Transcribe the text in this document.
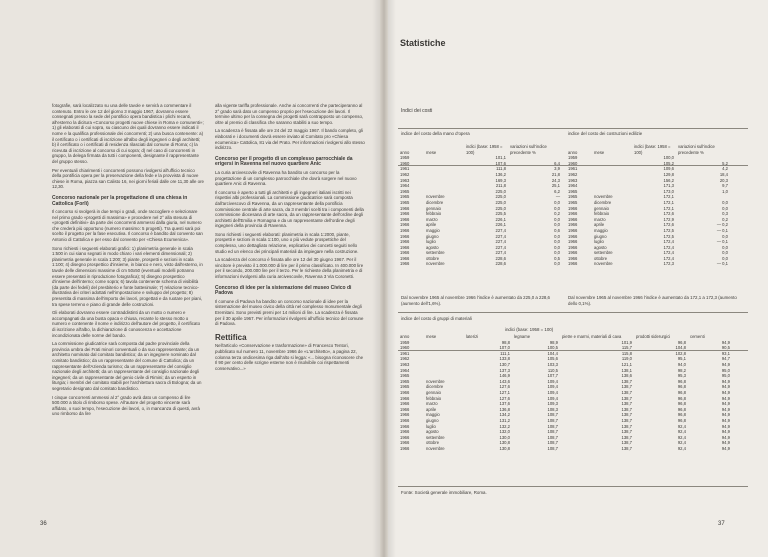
fotografie, sarà localizzato su una delle tavole e servirà a commentare il contenuto. Entro le ore 12 del giorno 3 maggio 1967, dovranno essere consegnati presso la sede del pontificio opera bandistica i plichi recanti, all'esterno la dicitura «Concorso progetti nuove chiese in Roma e comunenti»; 1) gli elaborati di cui sopra, su ciascuno dei quali dovranno essere indicati il nome e la qualifica professionale dei concorrenti; 2) una busca contenente: a) il certificato o i certificati di iscrizione all'albo degli ingegneri o degli architetti; b) il certificato o i certificati di residenza rilasciati dal comune di Roma; c) la ricevuta di iscrizione al concorso di cui sopra; d) nel caso di concorrenti in gruppo, la delega firmata da tutti i componenti, designante il rappresentante del gruppo stesso.

Per eventuali chiarimenti i concorrenti possono rivolgersi all'ufficio tecnico della pontificia opera per la preservazione della fede e la provvista di nuove chiese in Roma, piazza san Calisto 16, nei giorni feriali dalle ore 11,30 alle ore 12,30.

Concorso nazionale per la progettazione di una chiesa in Cattolica (Forlì)

Il concorso si svolgerà in due tempi o gradi, onde raccogliere e selezionare nel primo grado «progetti di massima» e procedere nel 2° alla stesura di «progetti definitivi» da parte dei concorrenti ammessi dalla giuria, nel numero che crederà più opportuno (numero massimo: 5 progetti). Tra questi sarà poi scelto il progetto per la fase esecutiva. Il concorso è bandito dal convento san Antonio di Cattolica e per esso dal convento per «Chiesa Ecumenica».

Sono richiesti i seguenti elaborati grafici: 1) planimetria generale in scala 1:500 in cui siano segnati in modo chiaro i vari elementi dimensionali; 2) planimetria generale in scala 1:200; 3) piante, prospetti e sezioni in scala 1:100; 4) disegno prospettico d'insieme, in bianco e nero, visto dall'esterno, in tavole delle dimensioni massime di cm 50x50 (eventuali modelli potranno essere presentati in riproduzione fotografica); 5) disegno prospettico d'insieme dell'interno; come sopra; 6) tavola contenente schema di visibilità (da parte dei fedeli) del presbiterio e fonte battesimale; 7) relazione tecnico-illustrativa dei criteri adottati nell'impostazione e sviluppo del progetto; 8) presentita di massima dell'importo dei lavori, progettati e da ruotare per piani, tra spese terreno e piano di grande delle costruzioni.

Gli elaborati dovranno essere contraddistinti da un motto o numero e accompagnati da una busta opaca e chiusa, recante lo stesso motto o numero e contenente il nome e indirizzo dell'autore del progetto, il certificato di iscrizione all'albo, la dichiarazione di conoscenza e accettazione incondizionata delle norme del bando.

La commissione giudicatrice sarà composta dal padre provinciale della provincia umbra dei Frati minori conventuali o da suo rappresentante; da un architetto nominato dal comitato bandistico; da un ingegnere nominato dal comitato bandistico; da un rappresentante del comune di Cattolica; da un rappresentante dell'Azienda turismo; da un rappresentante del consiglio nazionale degli architetti; da un rappresentante del consiglio nazionale degli ingegneri; da un rappresentante del genio civile di Rimini; da un esperto in liturgia; i membri del comitato stabili per l'architettura sacra di Bologna; da un segretario designato dal comitato bandistico.

I cinque concorrenti ammessi al 2° grado avrà dato un compenso di lire 500.000 a titolo di rimborso spese. All'autore del progetto vincente sarà affidato, o suoi tempo, l'esecuzione dei lavori, o, in mancanza di questi, avrà uno rimborso da lire

alla vigente tariffa professionale. Anche ai concorrenti che parteciperanno al 2° grado sarà dato un compenso proprio per l'esecuzione dei lavori. Il termine ultimo per la consegna dei progetti sarà contrapposto un compenso, oltre al premio di classifica che saranno stabiliti a suo tempo.

La scadenza è fissata alle ore 24 del 22 maggio 1967. Il bando completo, gli elaborati e i documenti dovrà essere inviato al Comitato pro «Chiesa ecumenica» Cattolica, 81 via del Prato. Per informazioni rivolgersi allo stesso indirizzo.

Concorso per il progetto di un complesso parrocchiale da erigersi in Ravenna nel nuovo quartiere Anic

La curia arcivescovile di Ravenna ha bandito un concorso per la progettazione di un complesso parrocchiale che dovrà sorgere nel nuovo quartiere Anic di Ravenna.

Il concorso è aperto a tutti gli architetti e gli ingegneri italiani iscritti nei rispettivi albi professionali. La commissione giudicatrice sarà composta dall'arcivescovo di Ravenna, da un rappresentante della pontificia commissione centrale di arte sacra, da 3 membri scelti tra i componenti della commissione diocesana di arte sacra, da un rappresentante dell'ordine degli architetti dell'Emilia e Romagna e da un rappresentante dell'ordine degli ingegneri della provincia di Ravenna.

Sono richiesti i seguenti elaborati: planimetria in scala 1:2000, piante, prospetti e sezioni in scala 1:100, uno o più vedute prospettiche del complesso, uno dettagliato relazione, esplicativo dei concetti seguiti nello studio ed un elenco dei principali materiali da impiegare nella costruzione.

La scadenza del concorso è fissata alle ore 12 del 30 giugno 1967. Per il vincitore è previsto il 1.000.000 di lire per il primo classificato. In 400.000 lire per il secondo, 200.000 lire per il terzo. Per le richieste della planimetria e di informazioni rivolgersi alla curia arcivescovile, Ravenna 3 Via Coronetti.

Concorso di idee per la sistemazione del museo Civico di Padova

Il comune di Padova ha bandito un concorso nazionale di idee per la sistemazione del museo civico della città nel complesso monumentale degli Eremitani. Sono previsti premi per 14 milioni di lire. La scadenza è fissata per il 30 aprile 1967. Per informazioni rivolgersi all'ufficio tecnico del comune di Padova.

Rettifica

Nell'articolo «Conservazione e trasformazione» di Francesco Tentori, pubblicato sul numero 11, novembre 1966 de «L'architetto», a pagina 22, colonna terza ondicesima riga dall'alto si legga: «... bisogna riconoscere che Il 90 per cento delle scrigne esterne non è risolvibile coi rispettamenti conservativo...»

36
Statistiche
Indici dei costi
indice del costo della mano d'opera	indice del costo dei costruzioni edilizie
anno	mese	indici (base: 1958 = 100)	variazioni sull'indice precedente %
1959		101,1	
1960		107,6	6,4
1961		111,8	3,9
1962		136,2	21,8
1963		169,3	24,3
1964		211,8	25,1
1965		225,0	6,2
1965	novembre	225,0	—
1965	dicembre	225,0	0,0
1966	gennaio	225,0	0,0
1966	febbraio	225,5	0,2
1966	marzo	226,1	0,0
1966	aprile	226,1	0,0
1966	maggio	227,4	0,6
1966	giugno	227,4	0,0
1966	luglio	227,4	0,0
1966	agosto	227,4	0,0
1966	settembre	227,4	0,0
1966	ottobre	228,6	0,5
1966	novembre	228,6	0,0
anno	mese	indici (base: 1958 = 100)	variazioni sull'indice precedente %
1959		100,0	
1960		105,2	5,2
1961		109,6	4,2
1962		129,8	18,4
1963		156,2	20,3
1964		171,3	9,7
1965		173,0	1,0
1965	novembre	172,1	
1965	dicembre	172,1	0,0
1966	gennaio	172,1	0,0
1966	febbraio	172,6	0,3
1966	marzo	172,9	0,2
1966	aprile	172,6	— 0,2
1966	maggio	172,5	— 0,1
1966	giugno	172,5	0,0
1966	luglio	172,4	— 0,1
1966	agosto	172,4	0,0
1966	settembre	172,4	0,0
1966	ottobre	172,4	0,0
1966	novembre	172,3	— 0,1
Dal novembre 1965 al novembre 1966 l'indice è aumentato da 225,0 a 228,6 (aumento dell'1,6%).
Dal novembre 1965 al novembre 1966 l'indice è aumentato da 172,1 a 172,3 (aumento dello 0,1%).
indice del costo di gruppi di materiali
indici (base: 1958 = 100)
anno	mese	laterizi	legname	pietre e marmi, materiali di cava	prodotti siderurgici	cementi
1959		98,8	98,9	101,9	96,8	94,9
1960		107,0	100,5	115,7	104,8	90,5
1961		111,1	104,4	115,8	102,8	93,1
1962		133,8	105,6	119,0	95,1	94,7
1963		130,7	103,3	121,1	94,0	94,9
1964		137,3	110,5	138,1	98,2	95,0
1965		146,9	107,7	138,6	95,3	95,0
1965	novembre	143,6	109,4	138,7	96,8	94,9
1965	dicembre	127,6	109,4	138,7	96,8	94,9
1966	gennaio	127,1	109,4	138,7	96,8	94,9
1966	febbraio	127,6	109,4	138,7	96,8	94,9
1966	marzo	137,6	109,3	138,7	96,8	94,9
1966	aprile	136,8	108,3	138,7	96,8	94,9
1966	maggio	134,2	108,7	138,7	96,8	94,9
1966	giugno	131,2	108,7	138,7	96,8	94,9
1966	luglio	132,2	108,7	138,7	92,4	94,9
1966	agosto	132,0	108,7	138,7	92,4	94,9
1966	settembre	130,0	108,7	138,7	92,4	94,9
1966	ottobre	130,8	108,7	138,7	92,4	94,9
1966	novembre	130,8	108,7	138,7	92,4	94,9
Fonte: Società generale immobiliare, Roma.
37
